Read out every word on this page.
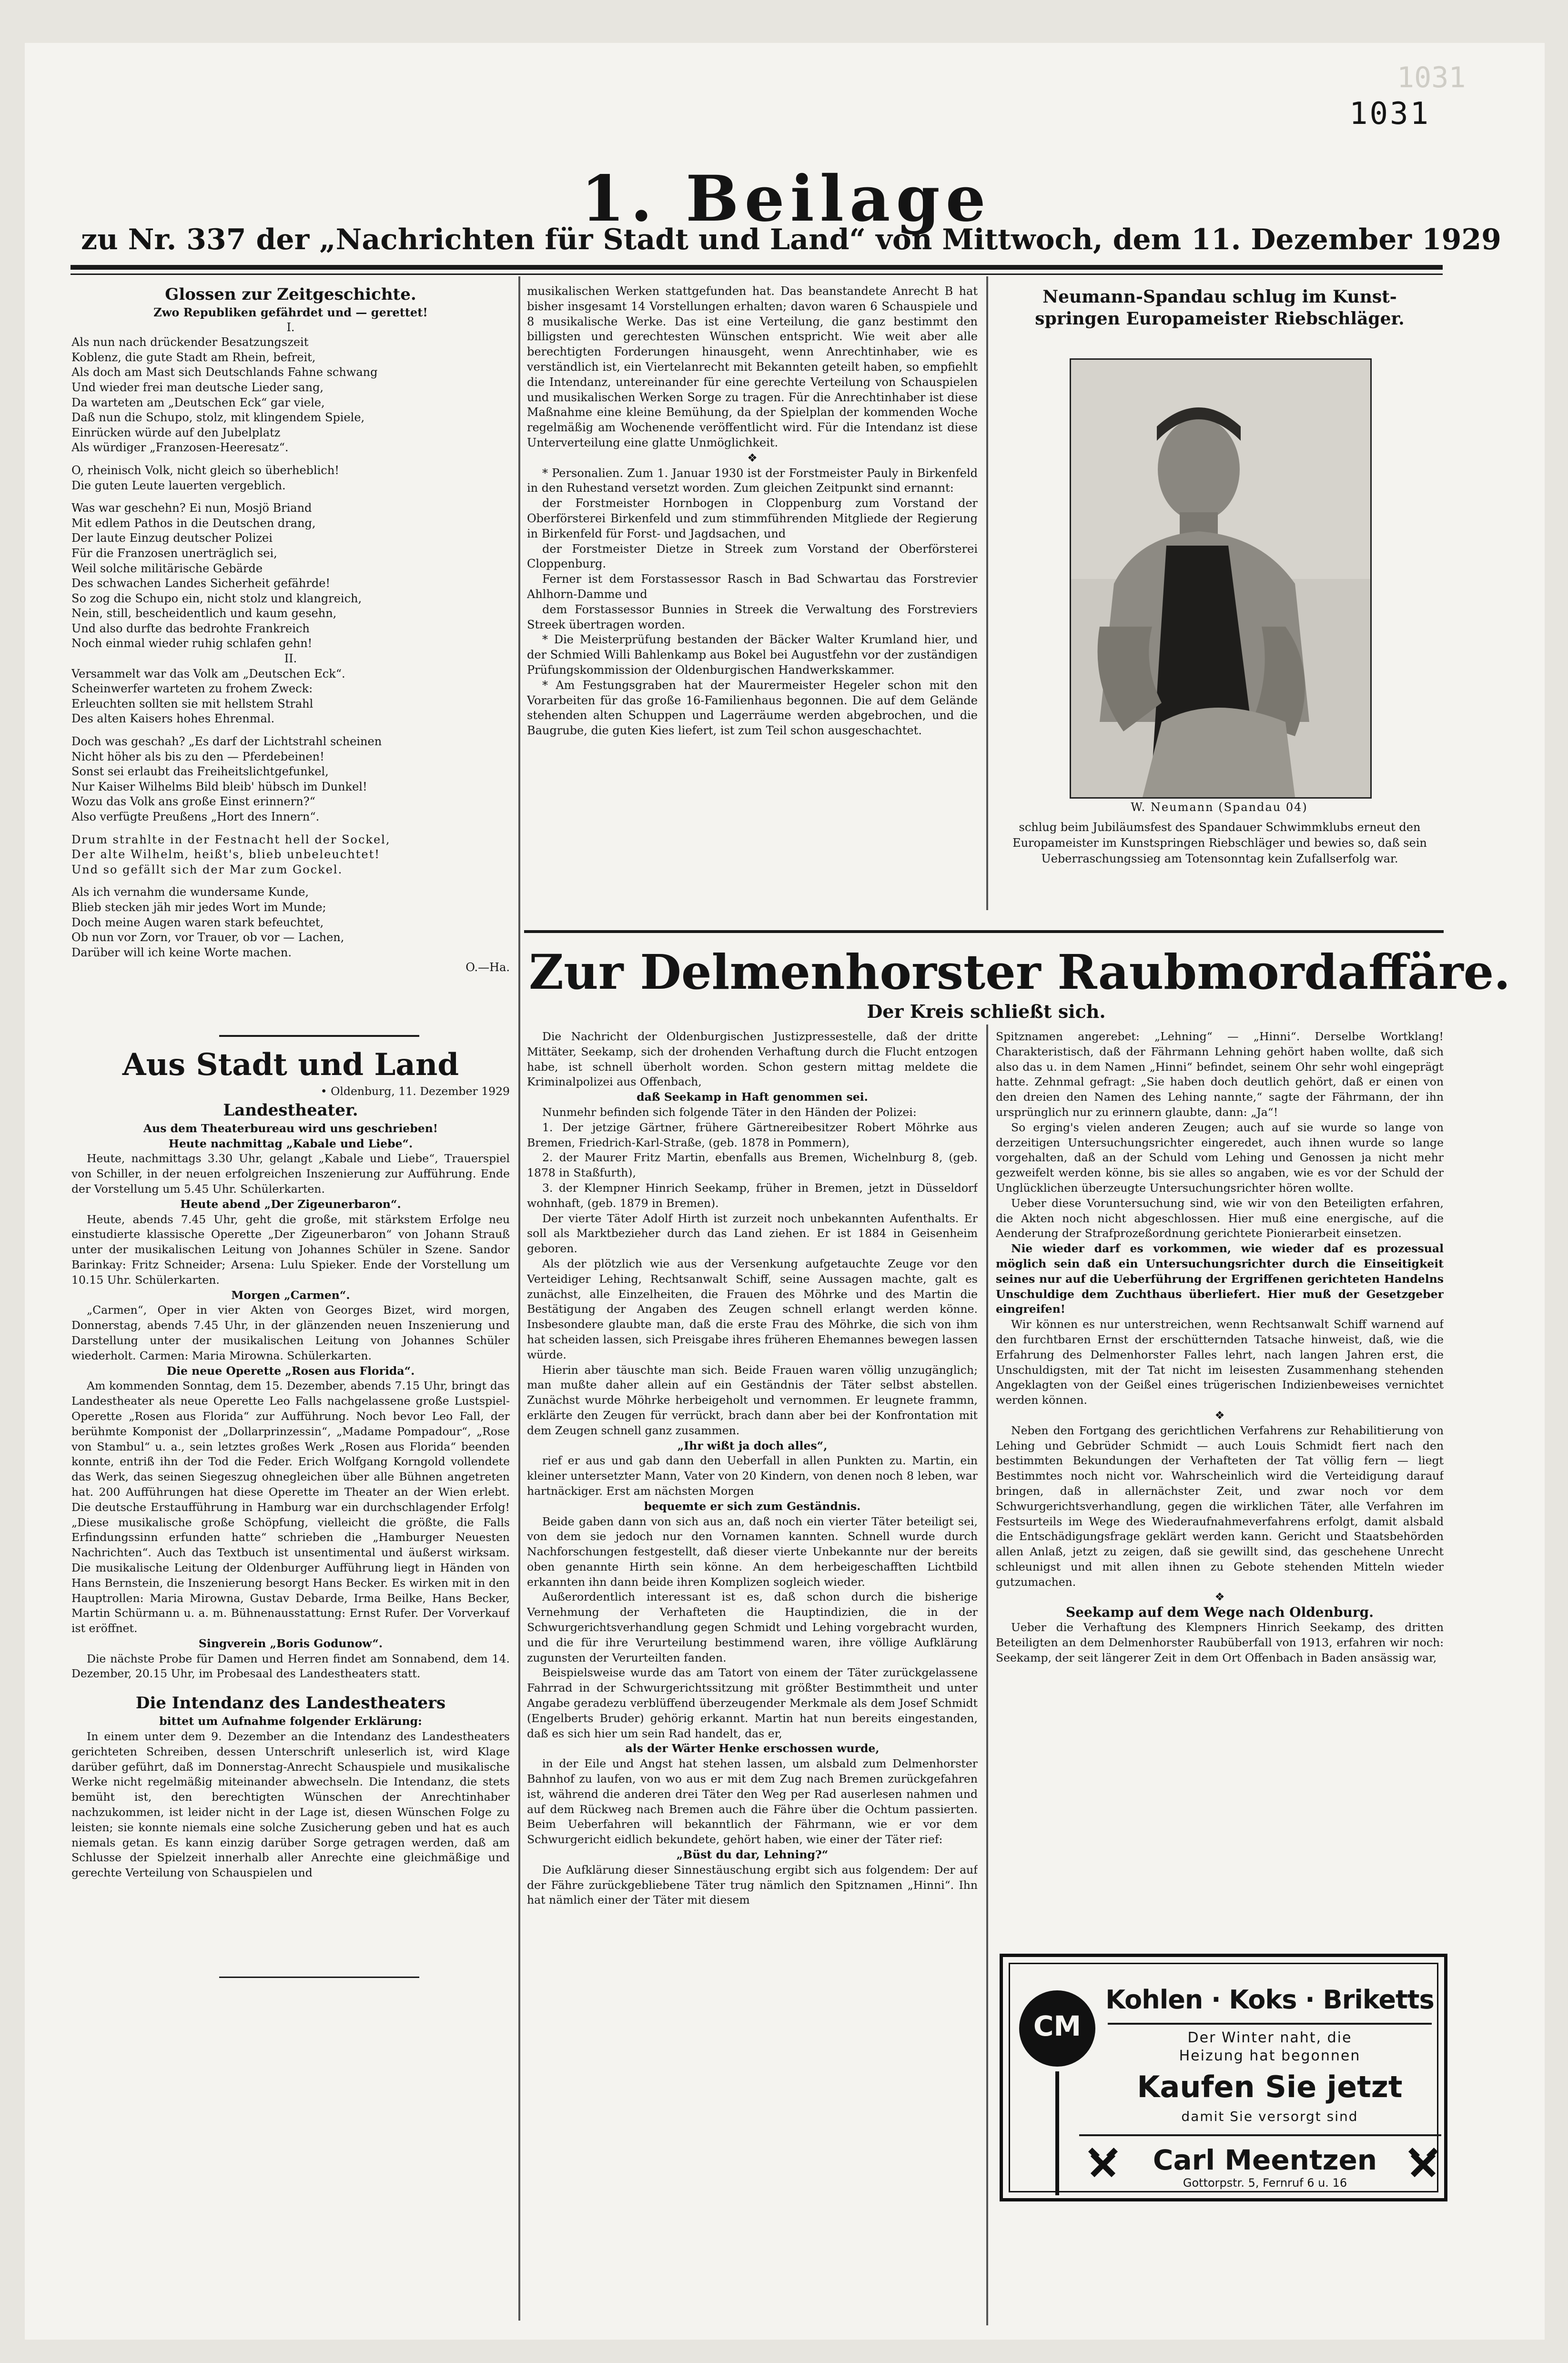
1031
1031
1. Beilage
zu Nr. 337 der „Nachrichten für Stadt und Land“ von Mittwoch, dem 11. Dezember 1929

Glossen zur Zeitgeschichte.

Zwo Republiken gefährdet und — gerettet!

I.

Als nun nach drückender Besatzungszeit

Koblenz, die gute Stadt am Rhein, befreit,

Als doch am Mast sich Deutschlands Fahne schwang

Und wieder frei man deutsche Lieder sang,

Da warteten am „Deutschen Eck“ gar viele,

Daß nun die Schupo, stolz, mit klingendem Spiele,

Einrücken würde auf den Jubelplatz

Als würdiger „Franzosen-Heeresatz“.

O, rheinisch Volk, nicht gleich so überheblich!

Die guten Leute lauerten vergeblich.

Was war geschehn? Ei nun, Mosjö Briand

Mit edlem Pathos in die Deutschen drang,

Der laute Einzug deutscher Polizei

Für die Franzosen unerträglich sei,

Weil solche militärische Gebärde

Des schwachen Landes Sicherheit gefährde!

So zog die Schupo ein, nicht stolz und klangreich,

Nein, still, bescheidentlich und kaum gesehn,

Und also durfte das bedrohte Frankreich

Noch einmal wieder ruhig schlafen gehn!

II.

Versammelt war das Volk am „Deutschen Eck“.

Scheinwerfer warteten zu frohem Zweck:

Erleuchten sollten sie mit hellstem Strahl

Des alten Kaisers hohes Ehrenmal.

Doch was geschah? „Es darf der Lichtstrahl scheinen

Nicht höher als bis zu den — Pferdebeinen!

Sonst sei erlaubt das Freiheitslichtgefunkel,

Nur Kaiser Wilhelms Bild bleib' hübsch im Dunkel!

Wozu das Volk ans große Einst erinnern?“

Also verfügte Preußens „Hort des Innern“.

Drum strahlte in der Festnacht hell der Sockel,

Der alte Wilhelm, heißt's, blieb unbeleuchtet!

Und so gefällt sich der Mar zum Gockel.

Als ich vernahm die wundersame Kunde,

Blieb stecken jäh mir jedes Wort im Munde;

Doch meine Augen waren stark befeuchtet,

Ob nun vor Zorn, vor Trauer, ob vor — Lachen,

Darüber will ich keine Worte machen.

O.—Ha.

Aus Stadt und Land

• Oldenburg, 11. Dezember 1929

Landestheater.

Aus dem Theaterbureau wird uns geschrieben!

Heute nachmittag „Kabale und Liebe“.

Heute, nachmittags 3.30 Uhr, gelangt „Kabale und Liebe“, Trauerspiel von Schiller, in der neuen erfolgreichen Inszenierung zur Aufführung. Ende der Vorstellung um 5.45 Uhr. Schülerkarten.

Heute abend „Der Zigeunerbaron“.

Heute, abends 7.45 Uhr, geht die große, mit stärkstem Erfolge neu einstudierte klassische Operette „Der Zigeunerbaron“ von Johann Strauß unter der musikalischen Leitung von Johannes Schüler in Szene. Sandor Barinkay: Fritz Schneider; Arsena: Lulu Spieker. Ende der Vorstellung um 10.15 Uhr. Schülerkarten.

Morgen „Carmen“.

„Carmen“, Oper in vier Akten von Georges Bizet, wird morgen, Donnerstag, abends 7.45 Uhr, in der glänzenden neuen Inszenierung und Darstellung unter der musikalischen Leitung von Johannes Schüler wiederholt. Carmen: Maria Mirowna. Schülerkarten.

Die neue Operette „Rosen aus Florida“.

Am kommenden Sonntag, dem 15. Dezember, abends 7.15 Uhr, bringt das Landestheater als neue Operette Leo Falls nachgelassene große Lustspiel-Operette „Rosen aus Florida“ zur Aufführung. Noch bevor Leo Fall, der berühmte Komponist der „Dollarprinzessin“, „Madame Pompadour“, „Rose von Stambul“ u. a., sein letztes großes Werk „Rosen aus Florida“ beenden konnte, entriß ihn der Tod die Feder. Erich Wolfgang Korngold vollendete das Werk, das seinen Siegeszug ohnegleichen über alle Bühnen angetreten hat. 200 Aufführungen hat diese Operette im Theater an der Wien erlebt. Die deutsche Erstaufführung in Hamburg war ein durchschlagender Erfolg! „Diese musikalische große Schöpfung, vielleicht die größte, die Falls Erfindungssinn erfunden hatte“ schrieben die „Hamburger Neuesten Nachrichten“. Auch das Textbuch ist unsentimental und äußerst wirksam. Die musikalische Leitung der Oldenburger Aufführung liegt in Händen von Hans Bernstein, die Inszenierung besorgt Hans Becker. Es wirken mit in den Hauptrollen: Maria Mirowna, Gustav Debarde, Irma Beilke, Hans Becker, Martin Schürmann u. a. m. Bühnenausstattung: Ernst Rufer. Der Vorverkauf ist eröffnet.

Singverein „Boris Godunow“.

Die nächste Probe für Damen und Herren findet am Sonnabend, dem 14. Dezember, 20.15 Uhr, im Probesaal des Landestheaters statt.

Die Intendanz des Landestheaters

bittet um Aufnahme folgender Erklärung:

In einem unter dem 9. Dezember an die Intendanz des Landestheaters gerichteten Schreiben, dessen Unterschrift unleserlich ist, wird Klage darüber geführt, daß im Donnerstag-Anrecht Schauspiele und musikalische Werke nicht regelmäßig miteinander abwechseln. Die Intendanz, die stets bemüht ist, den berechtigten Wünschen der Anrechtinhaber nachzukommen, ist leider nicht in der Lage ist, diesen Wünschen Folge zu leisten; sie konnte niemals eine solche Zusicherung geben und hat es auch niemals getan. Es kann einzig darüber Sorge getragen werden, daß am Schlusse der Spielzeit innerhalb aller Anrechte eine gleichmäßige und gerechte Verteilung von Schauspielen und

musikalischen Werken stattgefunden hat. Das beanstandete Anrecht B hat bisher insgesamt 14 Vorstellungen erhalten; davon waren 6 Schauspiele und 8 musikalische Werke. Das ist eine Verteilung, die ganz bestimmt den billigsten und gerechtesten Wünschen entspricht. Wie weit aber alle berechtigten Forderungen hinausgeht, wenn Anrechtinhaber, wie es verständlich ist, ein Viertelanrecht mit Bekannten geteilt haben, so empfiehlt die Intendanz, untereinander für eine gerechte Verteilung von Schauspielen und musikalischen Werken Sorge zu tragen. Für die Anrechtinhaber ist diese Maßnahme eine kleine Bemühung, da der Spielplan der kommenden Woche regelmäßig am Wochenende veröffentlicht wird. Für die Intendanz ist diese Unterverteilung eine glatte Unmöglichkeit.

❖

* Personalien. Zum 1. Januar 1930 ist der Forstmeister Pauly in Birkenfeld in den Ruhestand versetzt worden. Zum gleichen Zeitpunkt sind ernannt:

der Forstmeister Hornbogen in Cloppenburg zum Vorstand der Oberförsterei Birkenfeld und zum stimmführenden Mitgliede der Regierung in Birkenfeld für Forst- und Jagdsachen, und

der Forstmeister Dietze in Streek zum Vorstand der Oberförsterei Cloppenburg.

Ferner ist dem Forstassessor Rasch in Bad Schwartau das Forstrevier Ahlhorn-Damme und

dem Forstassessor Bunnies in Streek die Verwaltung des Forstreviers Streek übertragen worden.

* Die Meisterprüfung bestanden der Bäcker Walter Krumland hier, und der Schmied Willi Bahlenkamp aus Bokel bei Augustfehn vor der zuständigen Prüfungskommission der Oldenburgischen Handwerkskammer.

* Am Festungsgraben hat der Maurermeister Hegeler schon mit den Vorarbeiten für das große 16-Familienhaus begonnen. Die auf dem Gelände stehenden alten Schuppen und Lagerräume werden abgebrochen, und die Baugrube, die guten Kies liefert, ist zum Teil schon ausgeschachtet.

Neumann-Spandau schlug im Kunst-
springen Europameister Riebschläger.
W. Neumann (Spandau 04)
schlug beim Jubiläumsfest des Spandauer Schwimmklubs erneut den Europameister im Kunstspringen Riebschläger und bewies so, daß sein Ueberraschungssieg am Totensonntag kein Zufallserfolg war.
Zur Delmenhorster Raubmordaffäre.
Der Kreis schließt sich.

Die Nachricht der Oldenburgischen Justizpressestelle, daß der dritte Mittäter, Seekamp, sich der drohenden Verhaftung durch die Flucht entzogen habe, ist schnell überholt worden. Schon gestern mittag meldete die Kriminalpolizei aus Offenbach,

daß Seekamp in Haft genommen sei.

Nunmehr befinden sich folgende Täter in den Händen der Polizei:

1. Der jetzige Gärtner, frühere Gärtnereibesitzer Robert Möhrke aus Bremen, Friedrich-Karl-Straße, (geb. 1878 in Pommern),

2. der Maurer Fritz Martin, ebenfalls aus Bremen, Wichelnburg 8, (geb. 1878 in Staßfurth),

3. der Klempner Hinrich Seekamp, früher in Bremen, jetzt in Düsseldorf wohnhaft, (geb. 1879 in Bremen).

Der vierte Täter Adolf Hirth ist zurzeit noch unbekannten Aufenthalts. Er soll als Marktbezieher durch das Land ziehen. Er ist 1884 in Geisenheim geboren.

Als der plötzlich wie aus der Versenkung aufgetauchte Zeuge vor den Verteidiger Lehing, Rechtsanwalt Schiff, seine Aussagen machte, galt es zunächst, alle Einzelheiten, die Frauen des Möhrke und des Martin die Bestätigung der Angaben des Zeugen schnell erlangt werden könne. Insbesondere glaubte man, daß die erste Frau des Möhrke, die sich von ihm hat scheiden lassen, sich Preisgabe ihres früheren Ehemannes bewegen lassen würde.

Hierin aber täuschte man sich. Beide Frauen waren völlig unzugänglich; man mußte daher allein auf ein Geständnis der Täter selbst abstellen. Zunächst wurde Möhrke herbeigeholt und vernommen. Er leugnete frammn, erklärte den Zeugen für verrückt, brach dann aber bei der Konfrontation mit dem Zeugen schnell ganz zusammen.

„Ihr wißt ja doch alles“,

rief er aus und gab dann den Ueberfall in allen Punkten zu. Martin, ein kleiner untersetzter Mann, Vater von 20 Kindern, von denen noch 8 leben, war hartnäckiger. Erst am nächsten Morgen

bequemte er sich zum Geständnis.

Beide gaben dann von sich aus an, daß noch ein vierter Täter beteiligt sei, von dem sie jedoch nur den Vornamen kannten. Schnell wurde durch Nachforschungen festgestellt, daß dieser vierte Unbekannte nur der bereits oben genannte Hirth sein könne. An dem herbeigeschafften Lichtbild erkannten ihn dann beide ihren Komplizen sogleich wieder.

Außerordentlich interessant ist es, daß schon durch die bisherige Vernehmung der Verhafteten die Hauptindizien, die in der Schwurgerichtsverhandlung gegen Schmidt und Lehing vorgebracht wurden, und die für ihre Verurteilung bestimmend waren, ihre völlige Aufklärung zugunsten der Verurteilten fanden.

Beispielsweise wurde das am Tatort von einem der Täter zurückgelassene Fahrrad in der Schwurgerichtssitzung mit größter Bestimmtheit und unter Angabe geradezu verblüffend überzeugender Merkmale als dem Josef Schmidt (Engelberts Bruder) gehörig erkannt. Martin hat nun bereits eingestanden, daß es sich hier um sein Rad handelt, das er,

als der Wärter Henke erschossen wurde,

in der Eile und Angst hat stehen lassen, um alsbald zum Delmenhorster Bahnhof zu laufen, von wo aus er mit dem Zug nach Bremen zurückgefahren ist, während die anderen drei Täter den Weg per Rad auserlesen nahmen und auf dem Rückweg nach Bremen auch die Fähre über die Ochtum passierten. Beim Ueberfahren will bekanntlich der Fährmann, wie er vor dem Schwurgericht eidlich bekundete, gehört haben, wie einer der Täter rief:

„Büst du dar, Lehning?“

Die Aufklärung dieser Sinnestäuschung ergibt sich aus folgendem: Der auf der Fähre zurückgebliebene Täter trug nämlich den Spitznamen „Hinni“. Ihn hat nämlich einer der Täter mit diesem

Spitznamen angerebet: „Lehning“ — „Hinni“. Derselbe Wortklang! Charakteristisch, daß der Fährmann Lehning gehört haben wollte, daß sich also das u. in dem Namen „Hinni“ befindet, seinem Ohr sehr wohl eingeprägt hatte. Zehnmal gefragt: „Sie haben doch deutlich gehört, daß er einen von den dreien den Namen des Lehing nannte,“ sagte der Fährmann, der ihn ursprünglich nur zu erinnern glaubte, dann: „Ja“!

So erging's vielen anderen Zeugen; auch auf sie wurde so lange von derzeitigen Untersuchungsrichter eingeredet, auch ihnen wurde so lange vorgehalten, daß an der Schuld vom Lehing und Genossen ja nicht mehr gezweifelt werden könne, bis sie alles so angaben, wie es vor der Schuld der Unglücklichen überzeugte Untersuchungsrichter hören wollte.

Ueber diese Voruntersuchung sind, wie wir von den Beteiligten erfahren, die Akten noch nicht abgeschlossen. Hier muß eine energische, auf die Aenderung der Strafprozeßordnung gerichtete Pionierarbeit einsetzen.

Nie wieder darf es vorkommen, wie wieder daf es prozessual möglich sein daß ein Untersuchungsrichter durch die Einseitigkeit seines nur auf die Ueberführung der Ergriffenen gerichteten Handelns Unschuldige dem Zuchthaus überliefert. Hier muß der Gesetzgeber eingreifen!

Wir können es nur unterstreichen, wenn Rechtsanwalt Schiff warnend auf den furchtbaren Ernst der erschütternden Tatsache hinweist, daß, wie die Erfahrung des Delmenhorster Falles lehrt, nach langen Jahren erst, die Unschuldigsten, mit der Tat nicht im leisesten Zusammenhang stehenden Angeklagten von der Geißel eines trügerischen Indizienbeweises vernichtet werden können.

❖

Neben den Fortgang des gerichtlichen Verfahrens zur Rehabilitierung von Lehing und Gebrüder Schmidt — auch Louis Schmidt fiert nach den bestimmten Bekundungen der Verhafteten der Tat völlig fern — liegt Bestimmtes noch nicht vor. Wahrscheinlich wird die Verteidigung darauf bringen, daß in allernächster Zeit, und zwar noch vor dem Schwurgerichtsverhandlung, gegen die wirklichen Täter, alle Verfahren im Festsurteils im Wege des Wiederaufnahmeverfahrens erfolgt, damit alsbald die Entschädigungsfrage geklärt werden kann. Gericht und Staatsbehörden allen Anlaß, jetzt zu zeigen, daß sie gewillt sind, das geschehene Unrecht schleunigst und mit allen ihnen zu Gebote stehenden Mitteln wieder gutzumachen.

❖

Seekamp auf dem Wege nach Oldenburg.

Ueber die Verhaftung des Klempners Hinrich Seekamp, des dritten Beteiligten an dem Delmenhorster Raubüberfall von 1913, erfahren wir noch: Seekamp, der seit längerer Zeit in dem Ort Offenbach in Baden ansässig war,

CM
Kohlen · Koks · Briketts
Der Winter naht, die
Heizung hat begonnen
Kaufen Sie jetzt
damit Sie versorgt sind
Carl Meentzen
Gottorpstr. 5, Fernruf 6 u. 16
